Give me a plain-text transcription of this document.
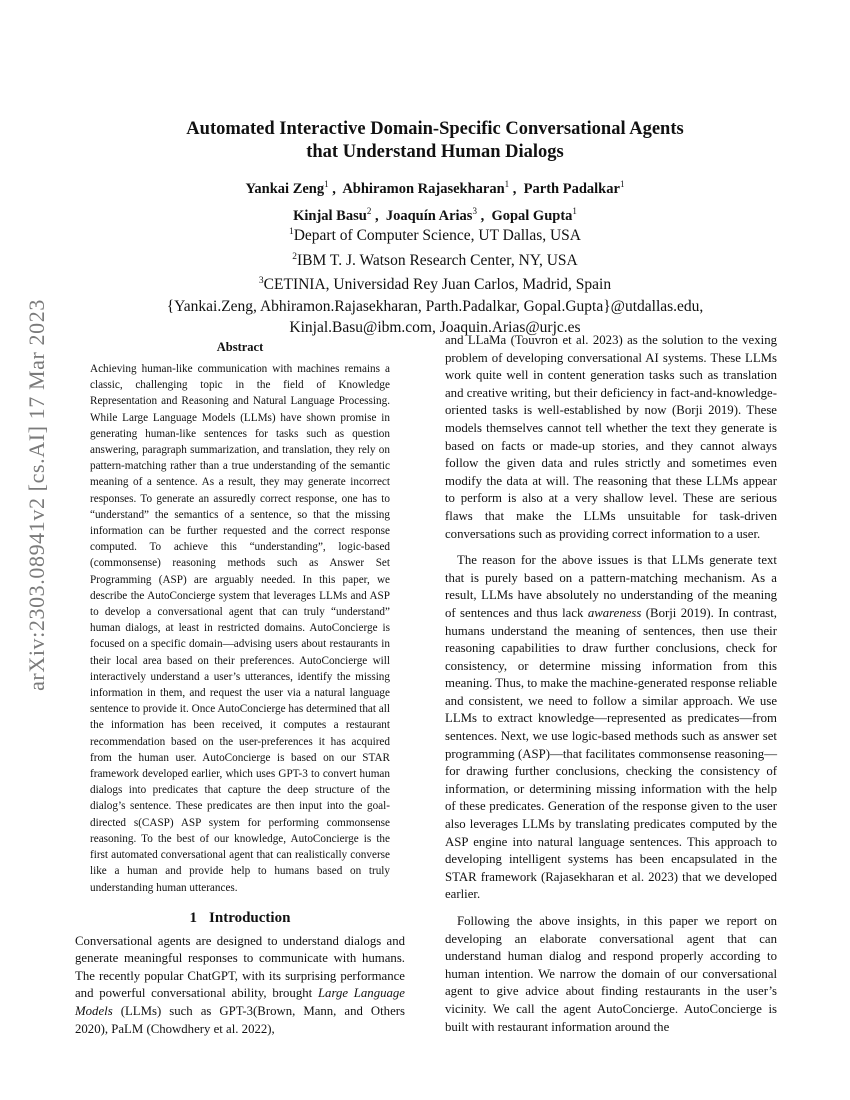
arXiv:2303.08941v2 [cs.AI] 17 Mar 2023
Automated Interactive Domain-Specific Conversational Agents
that Understand Human Dialogs
Yankai Zeng$^1$ ,  Abhiramon Rajasekharan$^1$ ,  Parth Padalkar$^1$
Kinjal Basu$^2$ ,  Joaquín Arias$^3$ ,  Gopal Gupta$^1$
$^1$Depart of Computer Science, UT Dallas, USA
$^2$IBM T. J. Watson Research Center, NY, USA
$^3$CETINIA, Universidad Rey Juan Carlos, Madrid, Spain
{Yankai.Zeng, Abhiramon.Rajasekharan, Parth.Padalkar, Gopal.Gupta}@utdallas.edu,
Kinjal.Basu@ibm.com, Joaquin.Arias@urjc.es
Abstract
Achieving human-like communication with machines remains a classic, challenging topic in the field of Knowledge Representation and Reasoning and Natural Language Processing. While Large Language Models (LLMs) have shown promise in generating human-like sentences for tasks such as question answering, paragraph summarization, and translation, they rely on pattern-matching rather than a true understanding of the semantic meaning of a sentence. As a result, they may generate incorrect responses. To generate an assuredly correct response, one has to “understand” the semantics of a sentence, so that the missing information can be further requested and the correct response computed. To achieve this “understanding”, logic-based (commonsense) reasoning methods such as Answer Set Programming (ASP) are arguably needed. In this paper, we describe the AutoConcierge system that leverages LLMs and ASP to develop a conversational agent that can truly “understand” human dialogs, at least in restricted domains. AutoConcierge is focused on a specific domain—advising users about restaurants in their local area based on their preferences. AutoConcierge will interactively understand a user’s utterances, identify the missing information in them, and request the user via a natural language sentence to provide it. Once AutoConcierge has determined that all the information has been received, it computes a restaurant recommendation based on the user-preferences it has acquired from the human user. AutoConcierge is based on our STAR framework developed earlier, which uses GPT-3 to convert human dialogs into predicates that capture the deep structure of the dialog’s sentence. These predicates are then input into the goal-directed s(CASP) ASP system for performing commonsense reasoning. To the best of our knowledge, AutoConcierge is the first automated conversational agent that can realistically converse like a human and provide help to humans based on truly understanding human utterances.
1 Introduction

Conversational agents are designed to understand dialogs and generate meaningful responses to communicate with humans. The recently popular ChatGPT, with its surprising performance and powerful conversational ability, brought Large Language Models (LLMs) such as GPT-3(Brown, Mann, and Others 2020), PaLM (Chowdhery et al. 2022),

and LLaMa (Touvron et al. 2023) as the solution to the vexing problem of developing conversational AI systems. These LLMs work quite well in content generation tasks such as translation and creative writing, but their deficiency in fact-and-knowledge-oriented tasks is well-established by now (Borji 2019). These models themselves cannot tell whether the text they generate is based on facts or made-up stories, and they cannot always follow the given data and rules strictly and sometimes even modify the data at will. The reasoning that these LLMs appear to perform is also at a very shallow level. These are serious flaws that make the LLMs unsuitable for task-driven conversations such as providing correct information to a user.

The reason for the above issues is that LLMs generate text that is purely based on a pattern-matching mechanism. As a result, LLMs have absolutely no understanding of the meaning of sentences and thus lack awareness (Borji 2019). In contrast, humans understand the meaning of sentences, then use their reasoning capabilities to draw further conclusions, check for consistency, or determine missing information from this meaning. Thus, to make the machine-generated response reliable and consistent, we need to follow a similar approach. We use LLMs to extract knowledge—represented as predicates—from sentences. Next, we use logic-based methods such as answer set programming (ASP)—that facilitates commonsense reasoning—for drawing further conclusions, checking the consistency of information, or determining missing information with the help of these predicates. Generation of the response given to the user also leverages LLMs by translating predicates computed by the ASP engine into natural language sentences. This approach to developing intelligent systems has been encapsulated in the STAR framework (Rajasekharan et al. 2023) that we developed earlier.

Following the above insights, in this paper we report on developing an elaborate conversational agent that can understand human dialog and respond properly according to human intention. We narrow the domain of our conversational agent to give advice about finding restaurants in the user’s vicinity. We call the agent AutoConcierge. AutoConcierge is built with restaurant information around the
